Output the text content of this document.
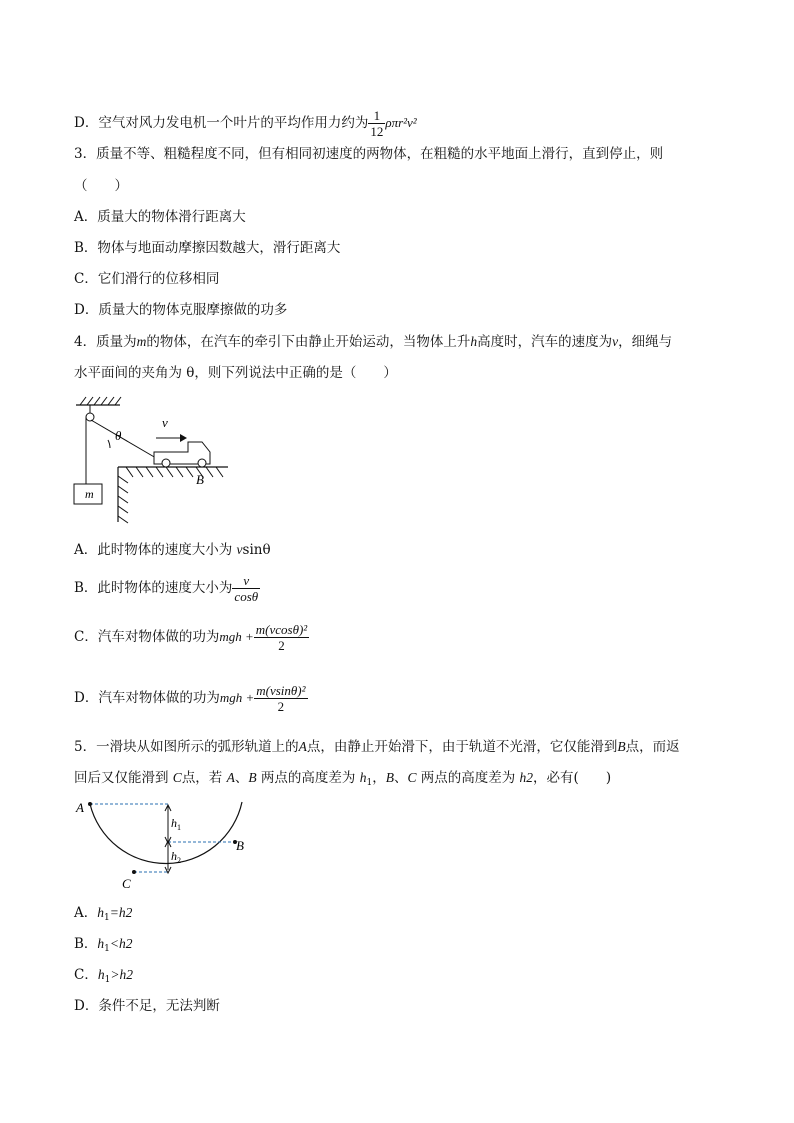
D．空气对风力发电机一个叶片的平均作用力约为 $\frac{1}{12} \rho\pi r^2v^2$
3．质量不等、粗糙程度不同，但有相同初速度的两物体，在粗糙的水平地面上滑行，直到停止，则
（　　）
A．质量大的物体滑行距离大
B．物体与地面动摩擦因数越大，滑行距离大
C．它们滑行的位移相同
D．质量大的物体克服摩擦做的功多
4．质量为m的物体，在汽车的牵引下由静止开始运动，当物体上升h高度时，汽车的速度为v，细绳与
水平面间的夹角为 θ，则下列说法中正确的是（　　）
m
θ
v
B
A．此时物体的速度大小为 vsinθ
B．此时物体的速度大小为 $\frac{v}{\cos\theta}$
C．汽车对物体做的功为mgh + $\frac{\text{m(vcosθ)²}}{2}$
D．汽车对物体做的功为mgh + $\frac{\text{m(vsinθ)²}}{2}$
5．一滑块从如图所示的弧形轨道上的A点，由静止开始滑下，由于轨道不光滑，它仅能滑到B点，而返
回后又仅能滑到 C点，若 A、B 两点的高度差为 $h_1$，B、C 两点的高度差为 h2，必有(　　)
A
B
C
$h_1$
$h_2$
A．$h_1=h2$
B．$h_1<h2$
C．$h_1>h2$
D．条件不足，无法判断
